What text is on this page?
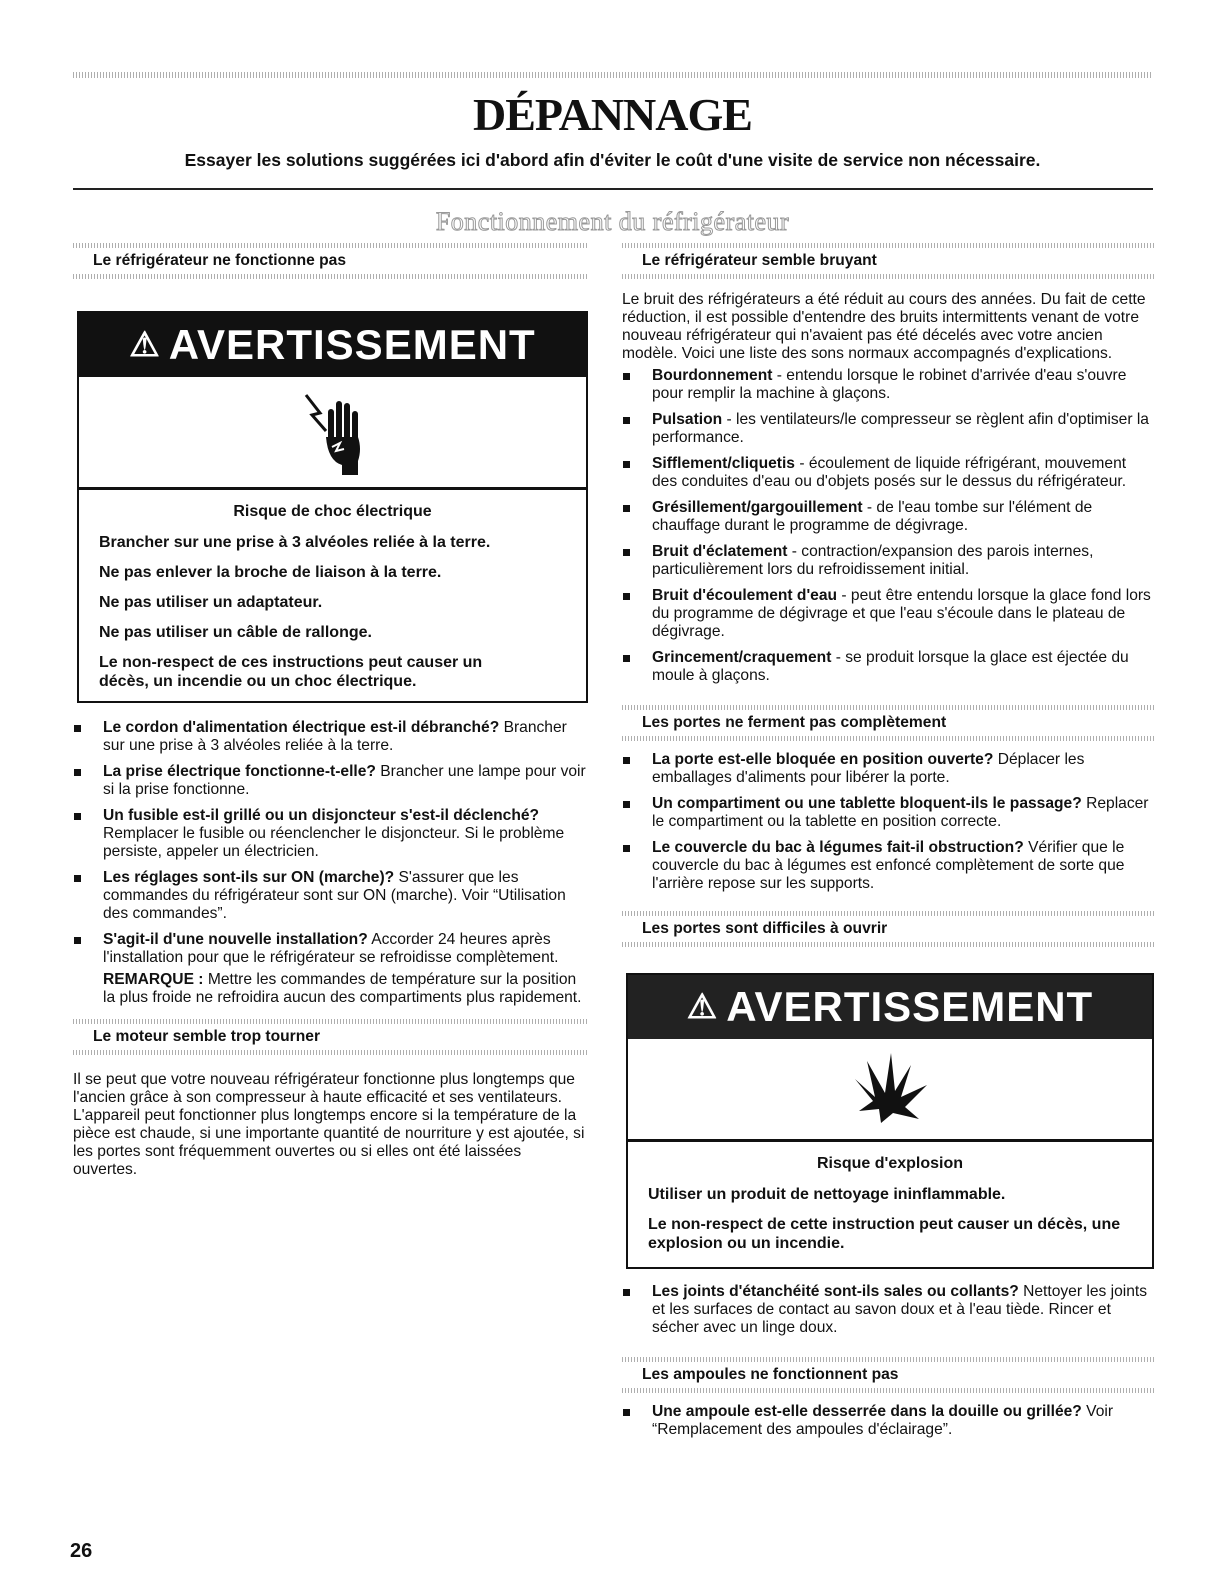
DÉPANNAGE
Essayer les solutions suggérées ici d'abord afin d'éviter le coût d'une visite de service non nécessaire.
Fonctionnement du réfrigérateur
Le réfrigérateur ne fonctionne pas
⚠ AVERTISSEMENT
Risque de choc électrique

Brancher sur une prise à 3 alvéoles reliée à la terre.

Ne pas enlever la broche de liaison à la terre.

Ne pas utiliser un adaptateur.

Ne pas utiliser un câble de rallonge.

Le non-respect de ces instructions peut causer un décès, un incendie ou un choc électrique.

Le cordon d'alimentation électrique est-il débranché? Brancher sur une prise à 3 alvéoles reliée à la terre.
La prise électrique fonctionne-t-elle? Brancher une lampe pour voir si la prise fonctionne.
Un fusible est-il grillé ou un disjoncteur s'est-il déclenché? Remplacer le fusible ou réenclencher le disjoncteur. Si le problème persiste, appeler un électricien.
Les réglages sont-ils sur ON (marche)? S'assurer que les commandes du réfrigérateur sont sur ON (marche). Voir “Utilisation des commandes”.
S'agit-il d'une nouvelle installation? Accorder 24 heures après l'installation pour que le réfrigérateur se refroidisse complètement.
REMARQUE : Mettre les commandes de température sur la position la plus froide ne refroidira aucun des compartiments plus rapidement.
Le moteur semble trop tourner

Il se peut que votre nouveau réfrigérateur fonctionne plus longtemps que l'ancien grâce à son compresseur à haute efficacité et ses ventilateurs. L'appareil peut fonctionner plus longtemps encore si la température de la pièce est chaude, si une importante quantité de nourriture y est ajoutée, si les portes sont fréquemment ouvertes ou si elles ont été laissées ouvertes.

Le réfrigérateur semble bruyant

Le bruit des réfrigérateurs a été réduit au cours des années. Du fait de cette réduction, il est possible d'entendre des bruits intermittents venant de votre nouveau réfrigérateur qui n'avaient pas été décelés avec votre ancien modèle. Voici une liste des sons normaux accompagnés d'explications.

Bourdonnement - entendu lorsque le robinet d'arrivée d'eau s'ouvre pour remplir la machine à glaçons.
Pulsation - les ventilateurs/le compresseur se règlent afin d'optimiser la performance.
Sifflement/cliquetis - écoulement de liquide réfrigérant, mouvement des conduites d'eau ou d'objets posés sur le dessus du réfrigérateur.
Grésillement/gargouillement - de l'eau tombe sur l'élément de chauffage durant le programme de dégivrage.
Bruit d'éclatement - contraction/expansion des parois internes, particulièrement lors du refroidissement initial.
Bruit d'écoulement d'eau - peut être entendu lorsque la glace fond lors du programme de dégivrage et que l'eau s'écoule dans le plateau de dégivrage.
Grincement/craquement - se produit lorsque la glace est éjectée du moule à glaçons.
Les portes ne ferment pas complètement
La porte est-elle bloquée en position ouverte? Déplacer les emballages d'aliments pour libérer la porte.
Un compartiment ou une tablette bloquent-ils le passage? Replacer le compartiment ou la tablette en position correcte.
Le couvercle du bac à légumes fait-il obstruction? Vérifier que le couvercle du bac à légumes est enfoncé complètement de sorte que l'arrière repose sur les supports.
Les portes sont difficiles à ouvrir
⚠ AVERTISSEMENT
Risque d'explosion

Utiliser un produit de nettoyage ininflammable.

Le non-respect de cette instruction peut causer un décès, une explosion ou un incendie.

Les joints d'étanchéité sont-ils sales ou collants? Nettoyer les joints et les surfaces de contact au savon doux et à l'eau tiède. Rincer et sécher avec un linge doux.
Les ampoules ne fonctionnent pas
Une ampoule est-elle desserrée dans la douille ou grillée? Voir “Remplacement des ampoules d'éclairage”.
26
